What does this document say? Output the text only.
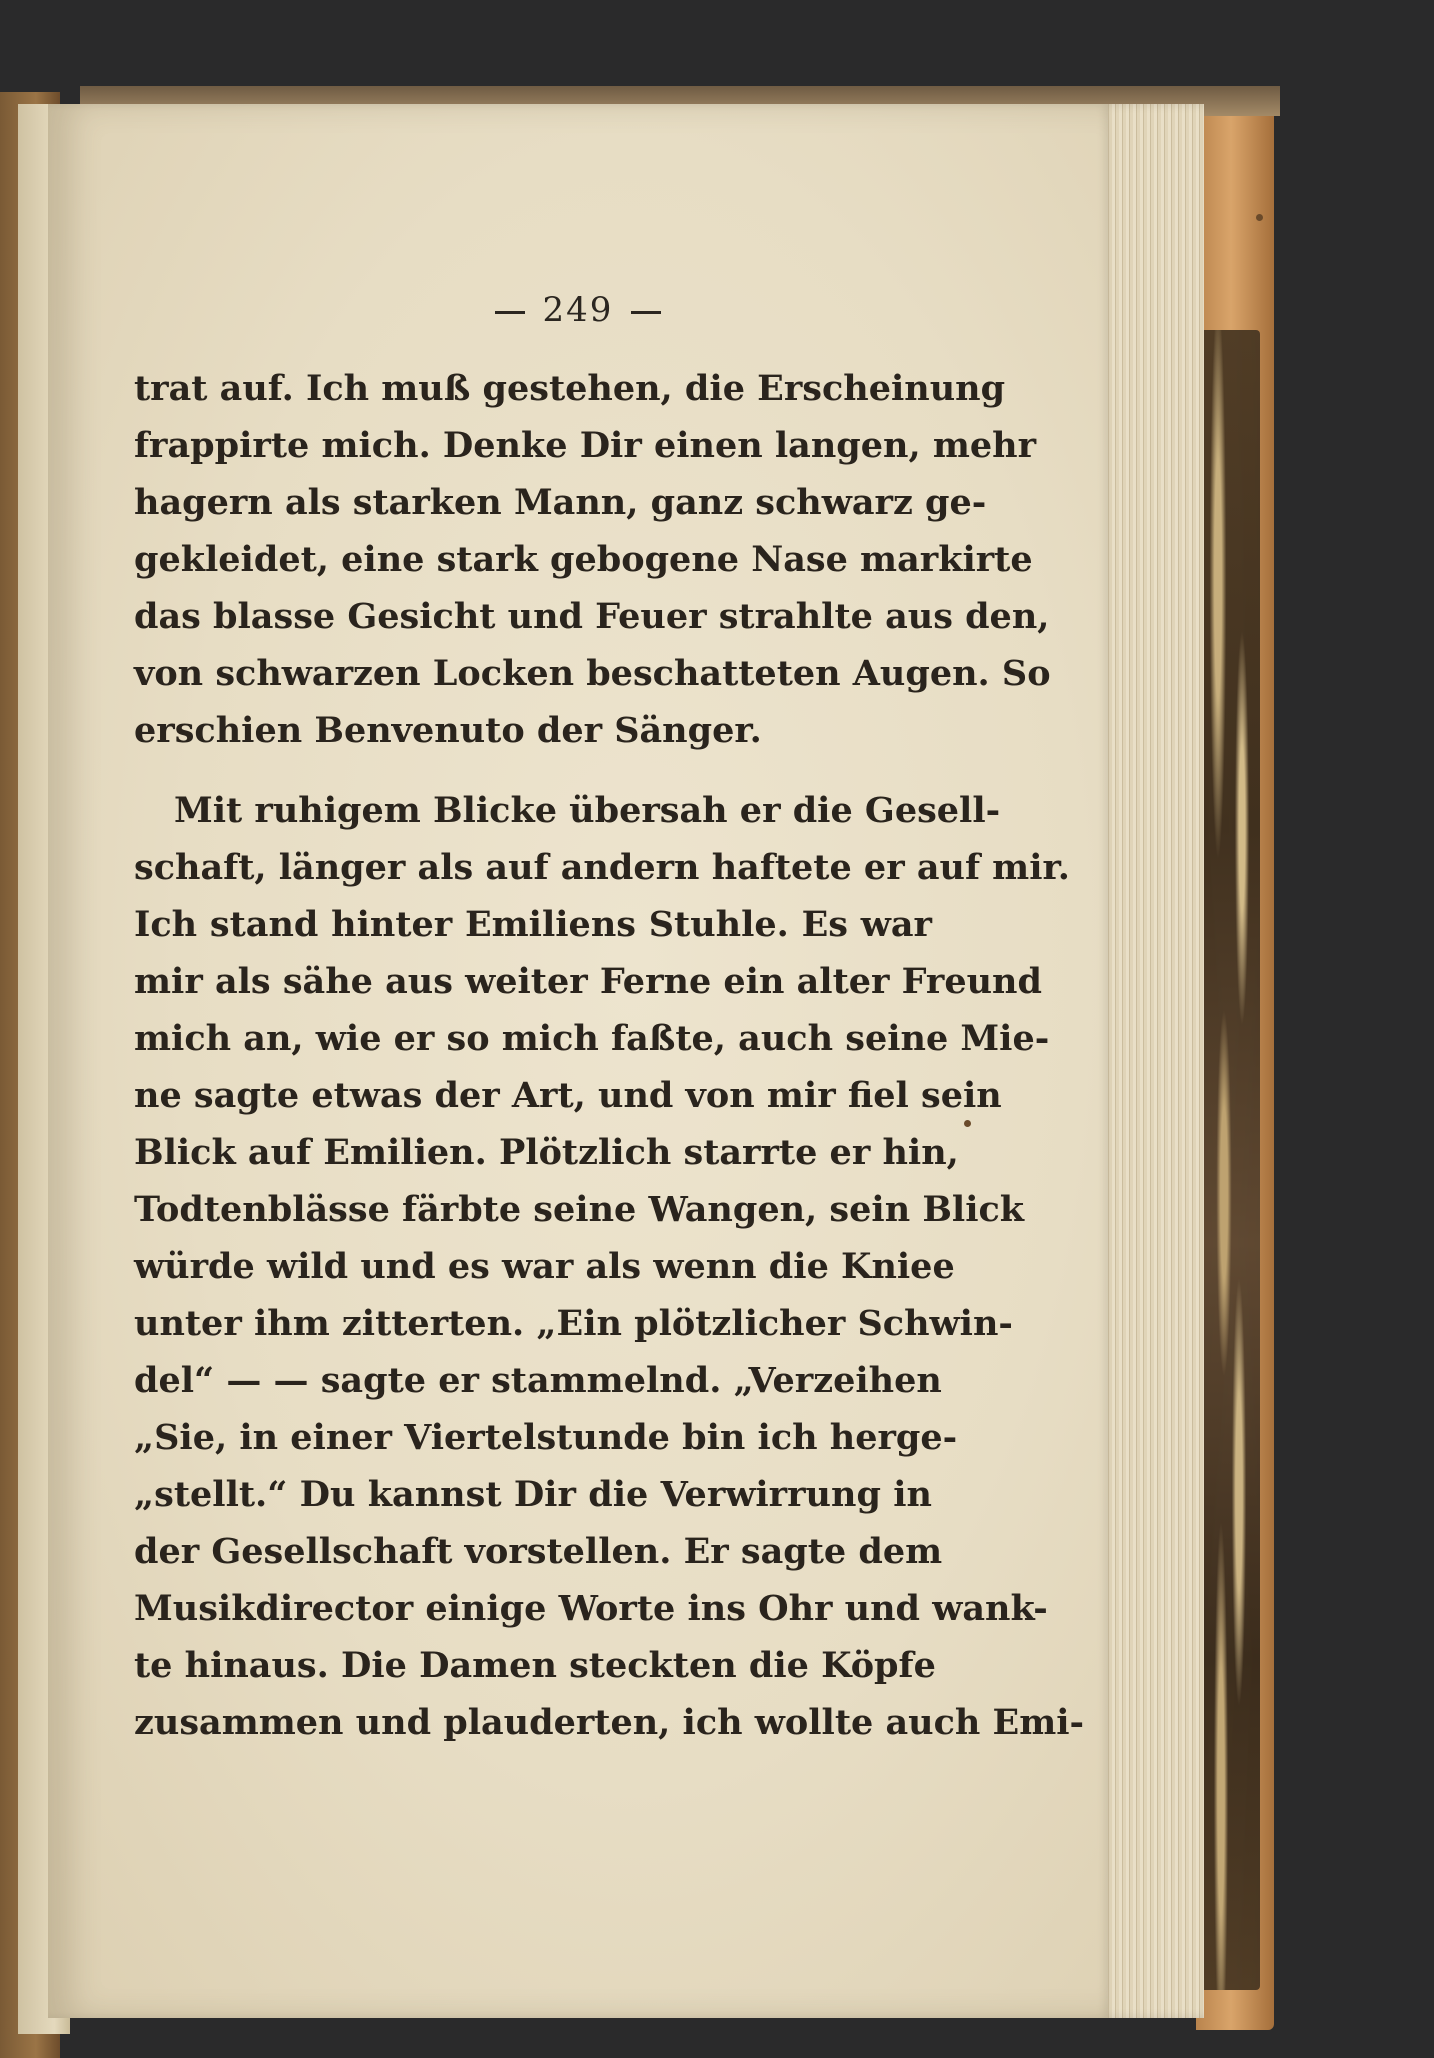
249
trat auf. Ich muß gestehen, die Erscheinung
frappirte mich. Denke Dir einen langen, mehr
hagern als starken Mann, ganz schwarz ge-
gekleidet, eine stark gebogene Nase markirte
das blasse Gesicht und Feuer strahlte aus den,
von schwarzen Locken beschatteten Augen. So
erschien Benvenuto der Sänger.
Mit ruhigem Blicke übersah er die Gesell-
schaft, länger als auf andern haftete er auf mir.
Ich stand hinter Emiliens Stuhle. Es war
mir als sähe aus weiter Ferne ein alter Freund
mich an, wie er so mich faßte, auch seine Mie-
ne sagte etwas der Art, und von mir fiel sein
Blick auf Emilien. Plötzlich starrte er hin,
Todtenblässe färbte seine Wangen, sein Blick
würde wild und es war als wenn die Kniee
unter ihm zitterten. „Ein plötzlicher Schwin-
del“ — — sagte er stammelnd. „Verzeihen
„Sie, in einer Viertelstunde bin ich herge-
„stellt.“ Du kannst Dir die Verwirrung in
der Gesellschaft vorstellen. Er sagte dem
Musikdirector einige Worte ins Ohr und wank-
te hinaus. Die Damen steckten die Köpfe
zusammen und plauderten, ich wollte auch Emi-
